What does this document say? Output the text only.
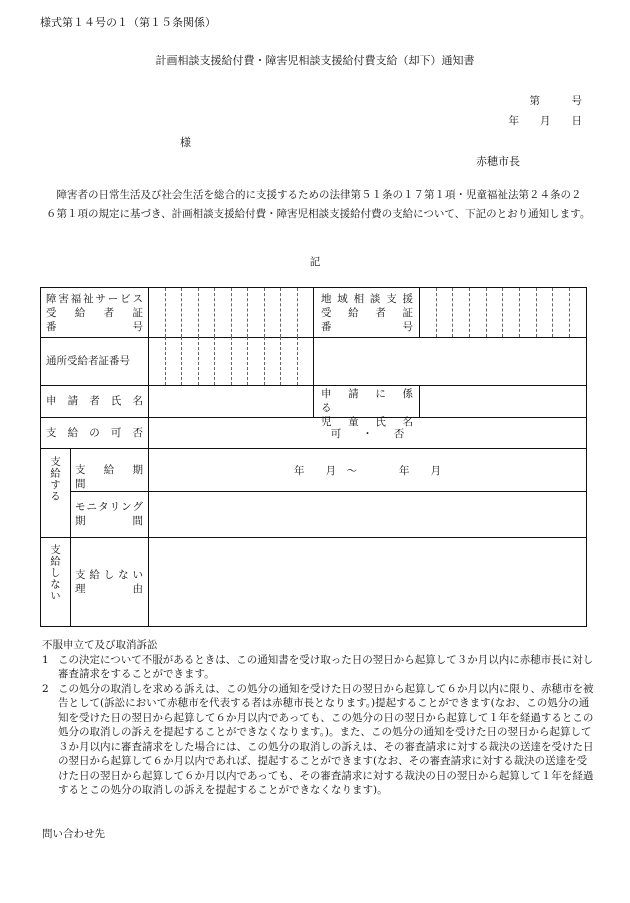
様式第１４号の１（第１５条関係）
計画相談支援給付費・障害児相談支援給付費支給（却下）通知書
第　　　号
年　　月　　日
様
赤穂市長
障害者の日常生活及び社会生活を総合的に支援するための法律第５１条の１７第１項・児童福祉法第２４条の２６第１項の規定に基づき、計画相談支援給付費・障害児相談支援給付費の支給について、下記のとおり通知します。
記
障害福祉サービス
受　給　者　証
番　　　　　号
地域相談支援
受　給　者　証
番　　　　　号
通所受給者証番号
申　請　者　氏　名
申　請　に　係　る
児　童　氏　名
支　給　の　可　否	可　　・　　否
支給する 支　給　期　間
年　　月　〜　　　　年　　月
モニタリング
期　　　　間
支給しない 支給しない
理　　　由
不服申立て及び取消訴訟
1 この決定について不服があるときは、この通知書を受け取った日の翌日から起算して３か月以内に赤穂市長に対し審査請求をすることができます。
2 この処分の取消しを求める訴えは、この処分の通知を受けた日の翌日から起算して６か月以内に限り、赤穂市を被告として(訴訟において赤穂市を代表する者は赤穂市長となります。)提起することができます(なお、この処分の通知を受けた日の翌日から起算して６か月以内であっても、この処分の日の翌日から起算して１年を経過するとこの処分の取消しの訴えを提起することができなくなります。)。また、この処分の通知を受けた日の翌日から起算して３か月以内に審査請求をした場合には、この処分の取消しの訴えは、その審査請求に対する裁決の送達を受けた日の翌日から起算して６か月以内であれば、提起することができます(なお、その審査請求に対する裁決の送達を受けた日の翌日から起算して６か月以内であっても、その審査請求に対する裁決の日の翌日から起算して１年を経過するとこの処分の取消しの訴えを提起することができなくなります)。
問い合わせ先
